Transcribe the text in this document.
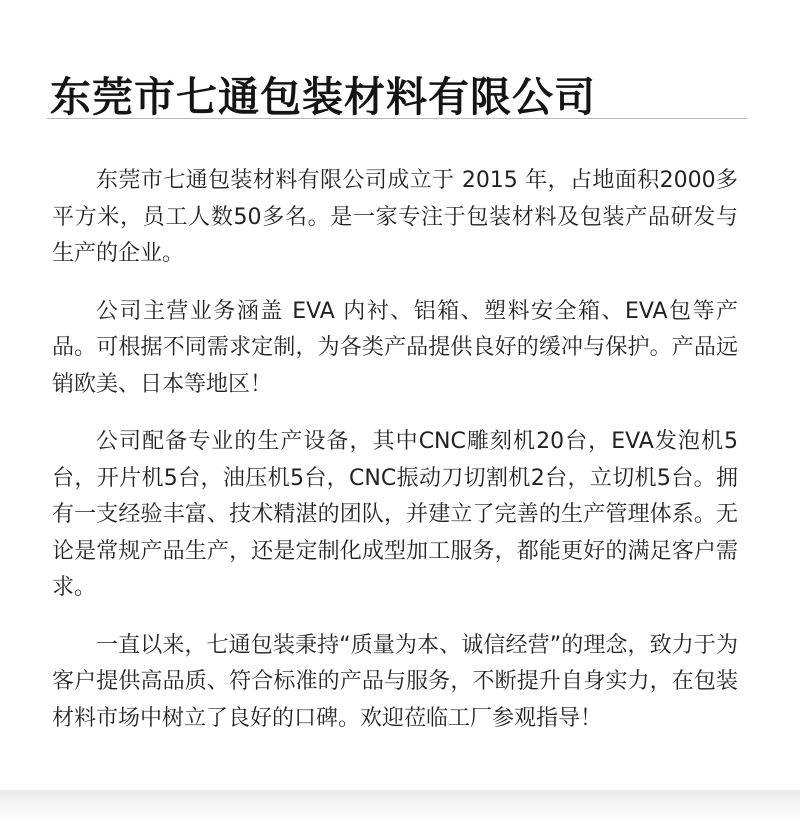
东莞市七通包装材料有限公司

东莞市七通包装材料有限公司成立于 2015 年，占地面积2000多平方米，员工人数50多名。是一家专注于包装材料及包装产品研发与生产的企业。

公司主营业务涵盖 EVA 内衬、铝箱、塑料安全箱、EVA包等产品。可根据不同需求定制，为各类产品提供良好的缓冲与保护。产品远销欧美、日本等地区！

公司配备专业的生产设备，其中CNC雕刻机20台，EVA发泡机5台，开片机5台，油压机5台，CNC振动刀切割机2台，立切机5台。拥有一支经验丰富、技术精湛的团队，并建立了完善的生产管理体系。无论是常规产品生产，还是定制化成型加工服务，都能更好的满足客户需求。

一直以来，七通包装秉持“质量为本、诚信经营”的理念，致力于为客户提供高品质、符合标准的产品与服务，不断提升自身实力，在包装材料市场中树立了良好的口碑。欢迎莅临工厂参观指导！
